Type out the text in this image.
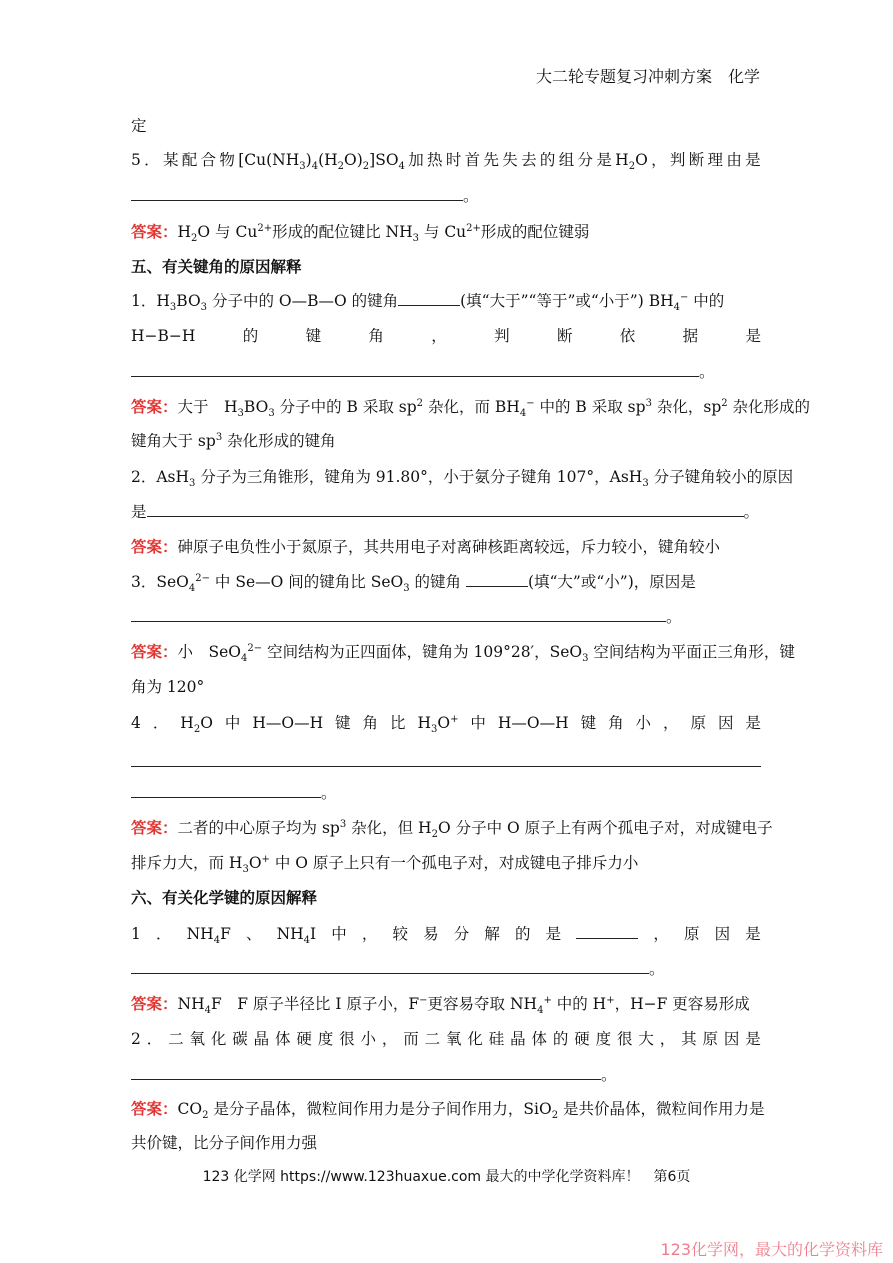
大二轮专题复习冲刺方案　化学
定
5 ． 某 配 合 物 $[Cu(NH_3)_4(H_2O)_2]SO_4$ 加 热 时 首 先 失 去 的 组 分 是 $H_2O$ ， 判 断 理 由 是
。
答案：$H_2O$ 与 $Cu^{2+}$形成的配位键比 $NH_3$ 与 $Cu^{2+}$形成的配位键弱
五、有关键角的原因解释
1．$H_3BO_3$ 分子中的 O—B—O 的键角	(填“大于”“等于”或“小于”) $BH_4^-$ 中的
H−B−H	的	键	角	，	判	断	依	据	是
。
答案：大于　$H_3BO_3$ 分子中的 B 采取 $sp^2$ 杂化，而 $BH_4^-$ 中的 B 采取 $sp^3$ 杂化，$sp^2$ 杂化形成的
键角大于 $sp^3$ 杂化形成的键角
2．AsH$_3$ 分子为三角锥形，键角为 91.80°，小于氨分子键角 107°，AsH$_3$ 分子键角较小的原因
是	。
答案：砷原子电负性小于氮原子，其共用电子对离砷核距离较远，斥力较小，键角较小
3．SeO$_4^{2-}$ 中 Se—O 间的键角比 SeO$_3$ 的键角	(填“大”或“小”)，原因是
。
答案：小　SeO$_4^{2-}$ 空间结构为正四面体，键角为 109°28′，SeO$_3$ 空间结构为平面正三角形，键
角为 120°
4 ． $H_2O$ 中 H—O—H 键 角 比 $H_3O^+$ 中 H—O—H 键 角 小 ， 原 因 是
。
答案：二者的中心原子均为 $sp^3$ 杂化，但 $H_2O$ 分子中 O 原子上有两个孤电子对，对成键电子
排斥力大，而 $H_3O^+$ 中 O 原子上只有一个孤电子对，对成键电子排斥力小
六、有关化学键的原因解释
1 ． $NH_4F$ 、 $NH_4I$ 中 ， 较 易 分 解 的 是	， 原 因 是
。
答案：$NH_4F$　F 原子半径比 I 原子小，F−更容易夺取 $NH_4^+$ 中的 H+，H−F 更容易形成
2 ． 二 氧 化 碳 晶 体 硬 度 很 小 ， 而 二 氧 化 硅 晶 体 的 硬 度 很 大 ， 其 原 因 是
。
答案：$CO_2$ 是分子晶体，微粒间作用力是分子间作用力，SiO$_2$ 是共价晶体，微粒间作用力是
共价键，比分子间作用力强
123 化学网 https://www.123huaxue.com 最大的中学化学资料库！　第6页
123化学网，最大的化学资料库
